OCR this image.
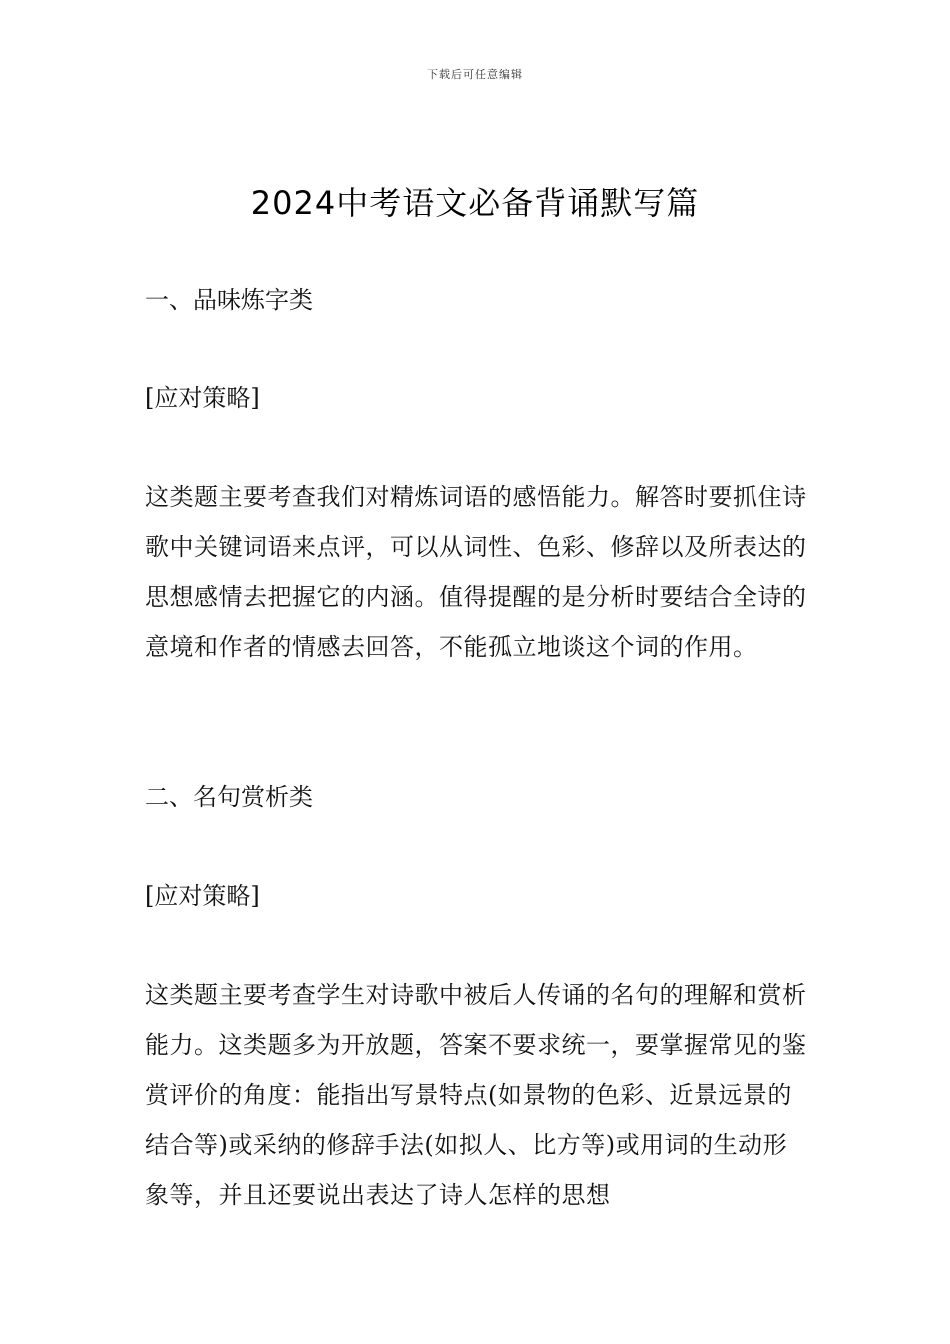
下载后可任意编辑
2024中考语文必备背诵默写篇

一、品味炼字类

[应对策略]

这类题主要考查我们对精炼词语的感悟能力。解答时要抓住诗歌中关键词语来点评，可以从词性、色彩、修辞以及所表达的思想感情去把握它的内涵。值得提醒的是分析时要结合全诗的意境和作者的情感去回答，不能孤立地谈这个词的作用。

二、名句赏析类

[应对策略]

这类题主要考查学生对诗歌中被后人传诵的名句的理解和赏析能力。这类题多为开放题，答案不要求统一，要掌握常见的鉴赏评价的角度：能指出写景特点(如景物的色彩、近景远景的结合等)或采纳的修辞手法(如拟人、比方等)或用词的生动形象等，并且还要说出表达了诗人怎样的思想
